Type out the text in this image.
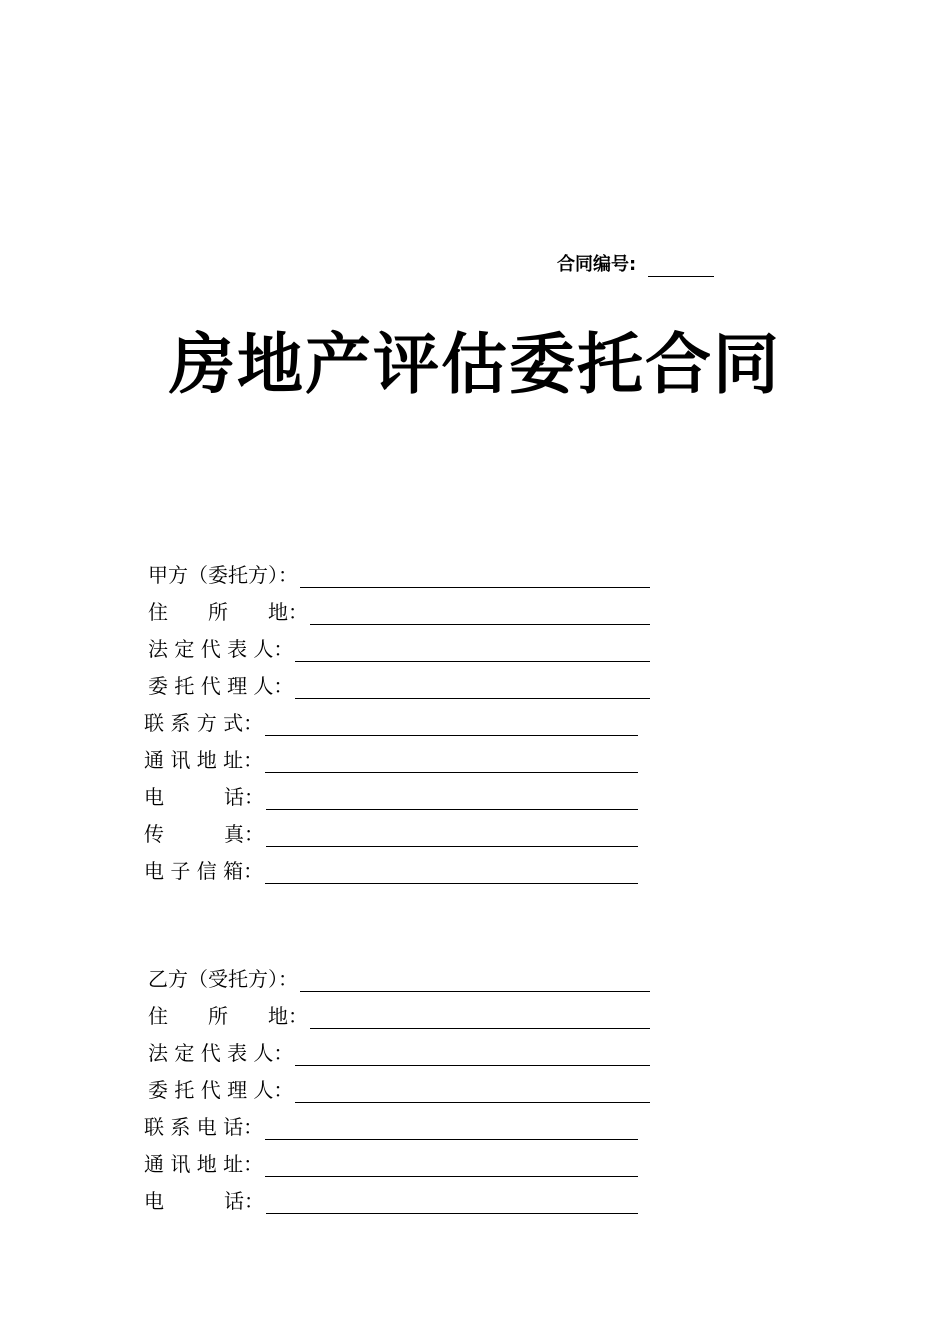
合同编号:
房地产评估委托合同
甲方（委托方）：
住　　所　　地：
法 定 代 表 人：
委 托 代 理 人：
联 系 方 式：
通 讯 地 址：
电　　　话：
传　　　真：
电 子 信 箱：
乙方（受托方）：
住　　所　　地：
法 定 代 表 人：
委 托 代 理 人：
联 系 电 话：
通 讯 地 址：
电　　　话：
